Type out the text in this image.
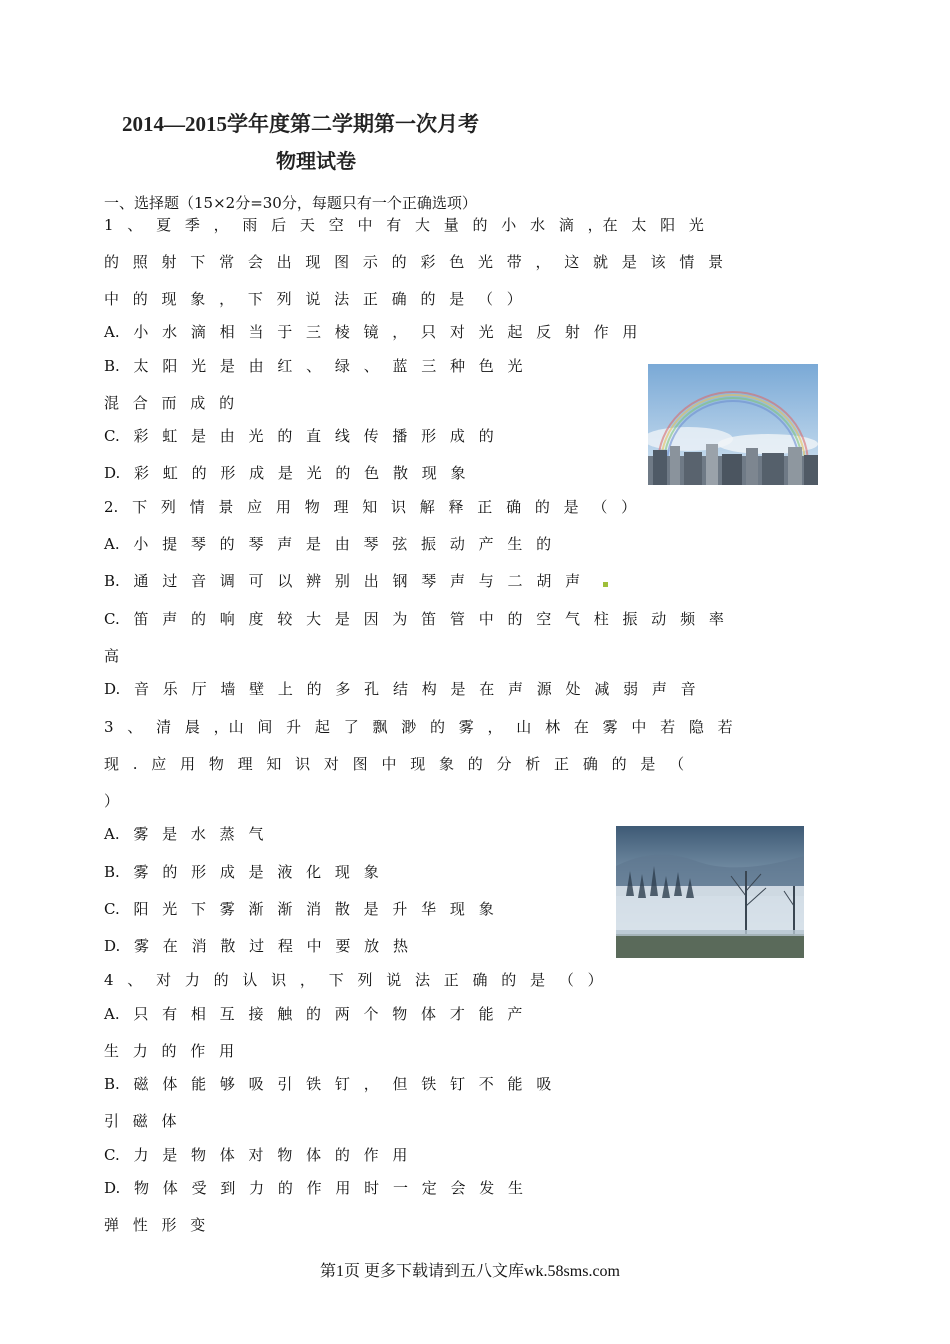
2014—2015学年度第二学期第一次月考
物理试卷
一、选择题（15×2分=30分，每题只有一个正确选项）
1 、 夏 季 ， 雨 后 天 空 中 有 大 量 的 小 水 滴 ，在 太 阳 光
的 照 射 下 常 会 出 现 图 示 的 彩 色 光 带 ， 这 就 是 该 情 景
中 的 现 象 ， 下 列 说 法 正 确 的 是 （ ）
A. 小 水 滴 相 当 于 三 棱 镜 ， 只 对 光 起 反 射 作 用
B. 太 阳 光 是 由 红 、 绿 、 蓝 三 种 色 光
混 合 而 成 的
C. 彩 虹 是 由 光 的 直 线 传 播 形 成 的
D. 彩 虹 的 形 成 是 光 的 色 散 现 象
2. 下 列 情 景 应 用 物 理 知 识 解 释 正 确 的 是 （ ）
A. 小 提 琴 的 琴 声 是 由 琴 弦 振 动 产 生 的
B. 通 过 音 调 可 以 辨 别 出 钢 琴 声 与 二 胡 声
C. 笛 声 的 响 度 较 大 是 因 为 笛 管 中 的 空 气 柱 振 动 频 率
高
D. 音 乐 厅 墙 壁 上 的 多 孔 结 构 是 在 声 源 处 减 弱 声 音
3 、 清 晨 ，山 间 升 起 了 飘 渺 的 雾 ， 山 林 在 雾 中 若 隐 若
现 . 应 用 物 理 知 识 对 图 中 现 象 的 分 析 正 确 的 是 （
）
A. 雾 是 水 蒸 气
B. 雾 的 形 成 是 液 化 现 象
C. 阳 光 下 雾 渐 渐 消 散 是 升 华 现 象
D. 雾 在 消 散 过 程 中 要 放 热
4 、 对 力 的 认 识 ， 下 列 说 法 正 确 的 是 （ ）
A. 只 有 相 互 接 触 的 两 个 物 体 才 能 产
生 力 的 作 用
B. 磁 体 能 够 吸 引 铁 钉 ， 但 铁 钉 不 能 吸
引 磁 体
C. 力 是 物 体 对 物 体 的 作 用
D. 物 体 受 到 力 的 作 用 时 一 定 会 发 生
弹 性 形 变
第1页 更多下载请到五八文库wk.58sms.com
